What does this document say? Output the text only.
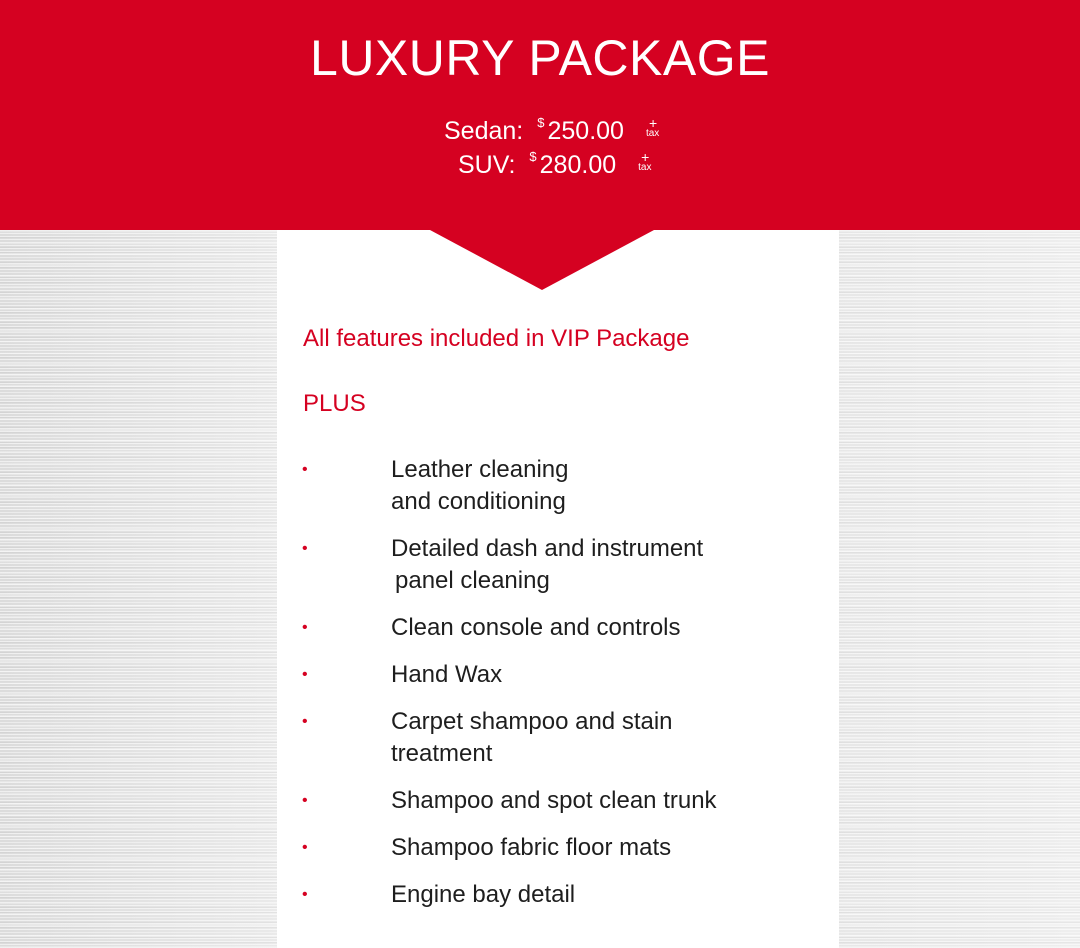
LUXURY PACKAGE
Sedan: $ 250.00 +
tax
SUV: $ 280.00 +
tax
All features included in VIP Package
PLUS
•	Leather cleaning
and conditioning
•	Detailed dash and instrument
panel cleaning
•	Clean console and controls
•	Hand Wax
•	Carpet shampoo and stain
treatment
•	Shampoo and spot clean trunk
•	Shampoo fabric floor mats
•	Engine bay detail
